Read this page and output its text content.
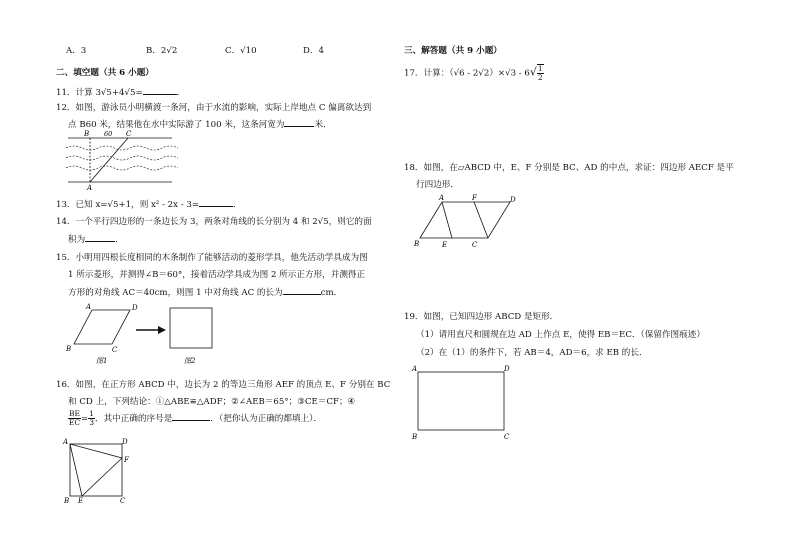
A．3	B．2√2	C．√10	D．4
二、填空题（共 6 小题）
11．计算 3√5+4√5=	．
12．如图，游泳员小明横渡一条河，由于水流的影响，实际上岸地点 C 偏离欲达到
点 B60 米，结果他在水中实际游了 100 米，这条河宽为	米．
B 60 C
A
13．已知 x=√5+1，则 x² - 2x - 3=	．
14．一个平行四边形的一条边长为 3，两条对角线的长分别为 4 和 2√5，则它的面
积为	．
15．小明用四根长度相同的木条制作了能够活动的菱形学具，他先活动学具成为图
1 所示菱形，并测得∠B＝60°，接着活动学具成为图 2 所示正方形，并测得正
方形的对角线 AC＝40cm，则图 1 中对角线 AC 的长为	cm．
A	D
B	C
图1	图2
16．如图，在正方形 ABCD 中，边长为 2 的等边三角形 AEF 的顶点 E、F 分别在 BC
和 CD 上，下列结论：①△ABE≌△ADF；②∠AEB＝65°；③CE＝CF；④
$\frac{BE}{EC}= \frac{1}{3}$．其中正确的序号是	．（把你认为正确的都填上）．
A	D
F
B E	C
三、解答题（共 9 小题）
17．计算：$(√6 - 2√2)\times√3 - 6√ \frac{1}{2}$
18．如图，在▱ABCD 中，E、F 分别是 BC、AD 的中点，求证：四边形 AECF 是平
行四边形．
A	F	D
B	E	C
19．如图，已知四边形 ABCD 是矩形．
（1）请用直尺和圆规在边 AD 上作点 E，使得 EB＝EC．（保留作图痕迹）
（2）在（1）的条件下，若 AB＝4，AD＝6，求 EB 的长．
A	D
B	C
